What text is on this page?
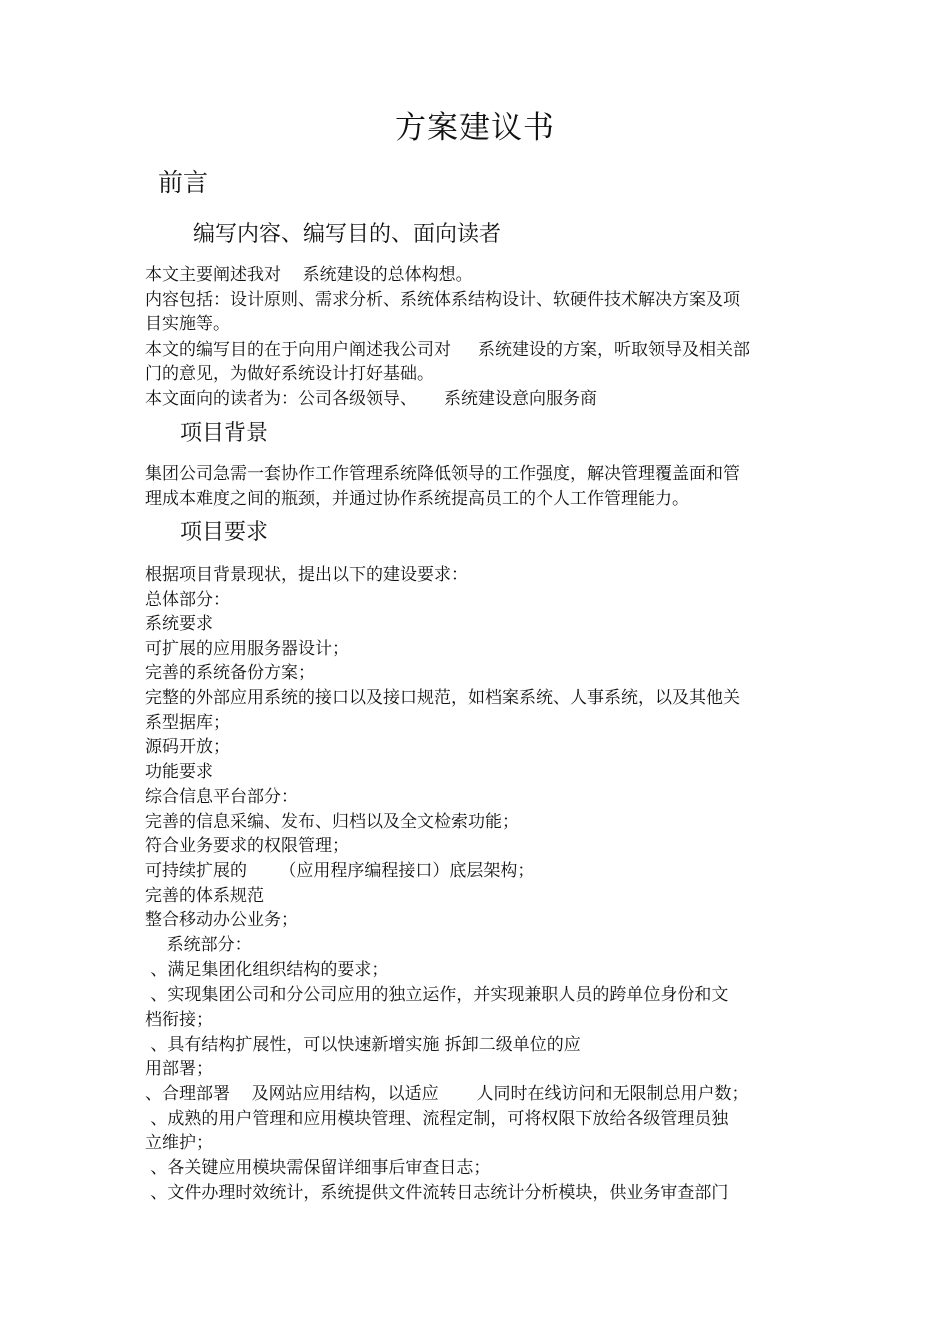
方案建议书
前言
编写内容、编写目的、面向读者
本文主要阐述我对    系统建设的总体构想。
内容包括：设计原则、需求分析、系统体系结构设计、软硬件技术解决方案及项
目实施等。
本文的编写目的在于向用户阐述我公司对     系统建设的方案，听取领导及相关部
门的意见，为做好系统设计打好基础。
本文面向的读者为：公司各级领导、     系统建设意向服务商
项目背景
集团公司急需一套协作工作管理系统降低领导的工作强度，解决管理覆盖面和管
理成本难度之间的瓶颈，并通过协作系统提高员工的个人工作管理能力。
项目要求
根据项目背景现状，提出以下的建设要求：
总体部分：
系统要求
可扩展的应用服务器设计；
完善的系统备份方案；
完整的外部应用系统的接口以及接口规范，如档案系统、人事系统，以及其他关
系型据库；
源码开放；
功能要求
综合信息平台部分：
完善的信息采编、发布、归档以及全文检索功能；
符合业务要求的权限管理；
可持续扩展的      （应用程序编程接口）底层架构；
完善的体系规范
整合移动办公业务；
系统部分：
、满足集团化组织结构的要求；
、实现集团公司和分公司应用的独立运作，并实现兼职人员的跨单位身份和文
档衔接；
、具有结构扩展性，可以快速新增实施 拆卸二级单位的应
用部署；
、合理部署    及网站应用结构，以适应       人同时在线访问和无限制总用户数；
、成熟的用户管理和应用模块管理、流程定制，可将权限下放给各级管理员独
立维护；
、各关键应用模块需保留详细事后审查日志；
、文件办理时效统计，系统提供文件流转日志统计分析模块，供业务审查部门
